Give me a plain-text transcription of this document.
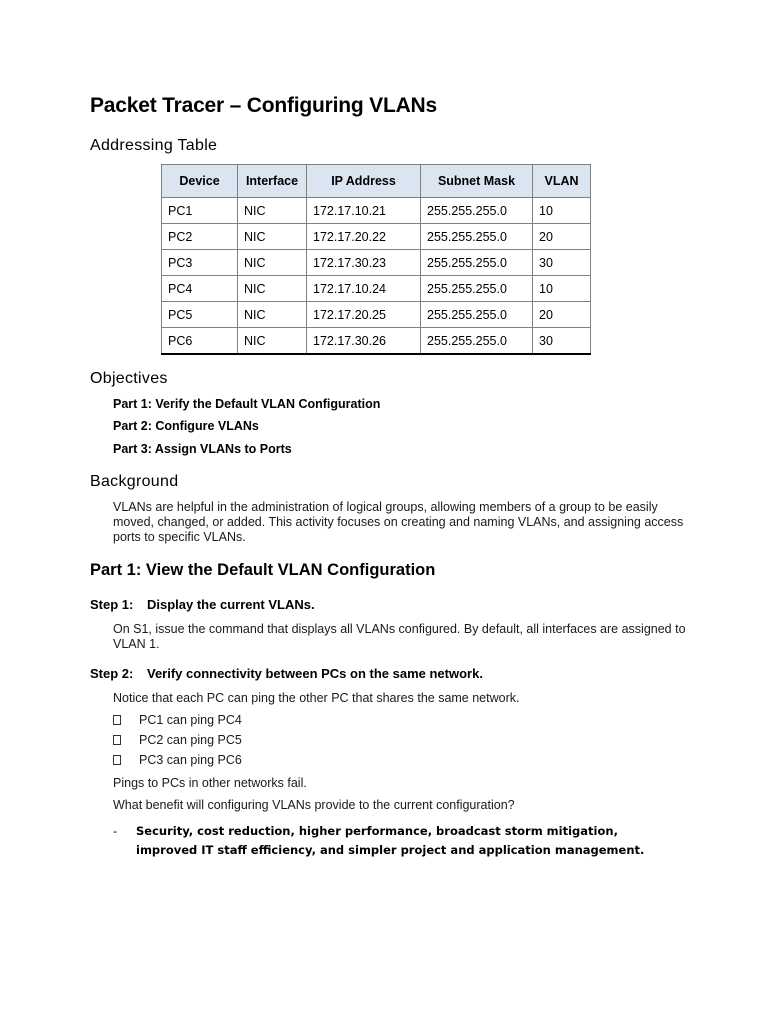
Packet Tracer – Configuring VLANs
Addressing Table
Device	Interface	IP Address	Subnet Mask	VLAN
PC1	NIC	172.17.10.21	255.255.255.0	10
PC2	NIC	172.17.20.22	255.255.255.0	20
PC3	NIC	172.17.30.23	255.255.255.0	30
PC4	NIC	172.17.10.24	255.255.255.0	10
PC5	NIC	172.17.20.25	255.255.255.0	20
PC6	NIC	172.17.30.26	255.255.255.0	30
Objectives
Part 1: Verify the Default VLAN Configuration
Part 2: Configure VLANs
Part 3: Assign VLANs to Ports
Background
VLANs are helpful in the administration of logical groups, allowing members of a group to be easily moved, changed, or added. This activity focuses on creating and naming VLANs, and assigning access ports to specific VLANs.
Part 1: View the Default VLAN Configuration
Step 1: Display the current VLANs.
On S1, issue the command that displays all VLANs configured. By default, all interfaces are assigned to VLAN 1.
Step 2: Verify connectivity between PCs on the same network.
Notice that each PC can ping the other PC that shares the same network.
PC1 can ping PC4
PC2 can ping PC5
PC3 can ping PC6
Pings to PCs in other networks fail.
What benefit will configuring VLANs provide to the current configuration?
-	Security, cost reduction, higher performance, broadcast storm mitigation, improved IT staff efficiency, and simpler project and application management.
